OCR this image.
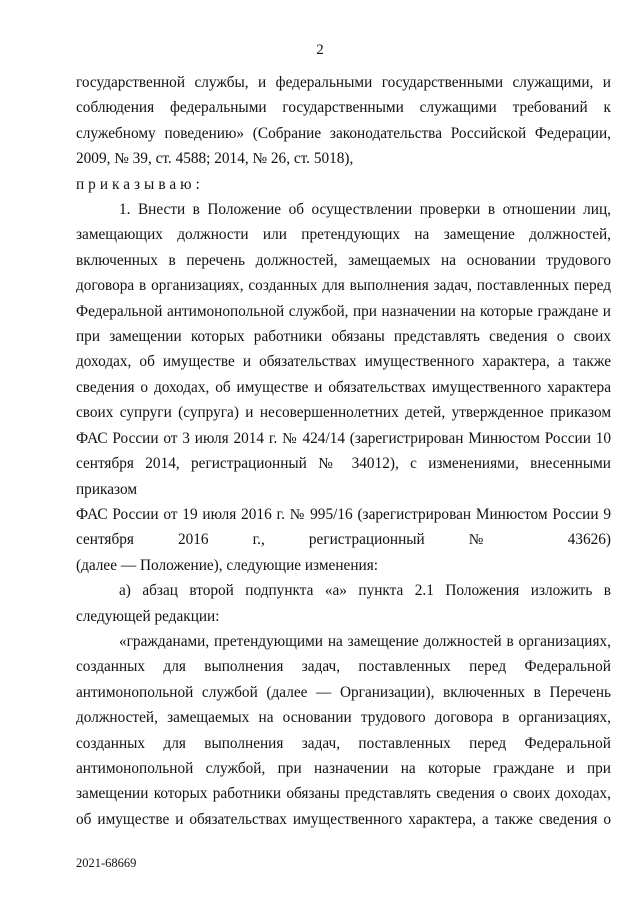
2
государственной службы, и федеральными государственными служащими, и
соблюдения федеральными государственными служащими требований к
служебному поведению» (Собрание законодательства Российской Федерации,
2009, № 39, ст. 4588; 2014, № 26, ст. 5018),
приказываю:
1. Внести в Положение об осуществлении проверки в отношении лиц,
замещающих должности или претендующих на замещение должностей,
включенных в перечень должностей, замещаемых на основании трудового
договора в организациях, созданных для выполнения задач, поставленных перед
Федеральной антимонопольной службой, при назначении на которые граждане и
при замещении которых работники обязаны представлять сведения о своих
доходах, об имуществе и обязательствах имущественного характера, а также
сведения о доходах, об имуществе и обязательствах имущественного характера
своих супруги (супруга) и несовершеннолетних детей, утвержденное приказом
ФАС России от 3 июля 2014 г. № 424/14 (зарегистрирован Минюстом России 10
сентября 2014, регистрационный № 34012), с изменениями, внесенными приказом
ФАС России от 19 июля 2016 г. № 995/16 (зарегистрирован Минюстом России 9
сентября 2016 г., регистрационный № 43626)
(далее — Положение), следующие изменения:
а) абзац второй подпункта «а» пункта 2.1 Положения изложить в
следующей редакции:
«гражданами, претендующими на замещение должностей в организациях,
созданных для выполнения задач, поставленных перед Федеральной
антимонопольной службой (далее — Организации), включенных в Перечень
должностей, замещаемых на основании трудового договора в организациях,
созданных для выполнения задач, поставленных перед Федеральной
антимонопольной службой, при назначении на которые граждане и при
замещении которых работники обязаны представлять сведения о своих доходах,
об имуществе и обязательствах имущественного характера, а также сведения о
2021-68669
